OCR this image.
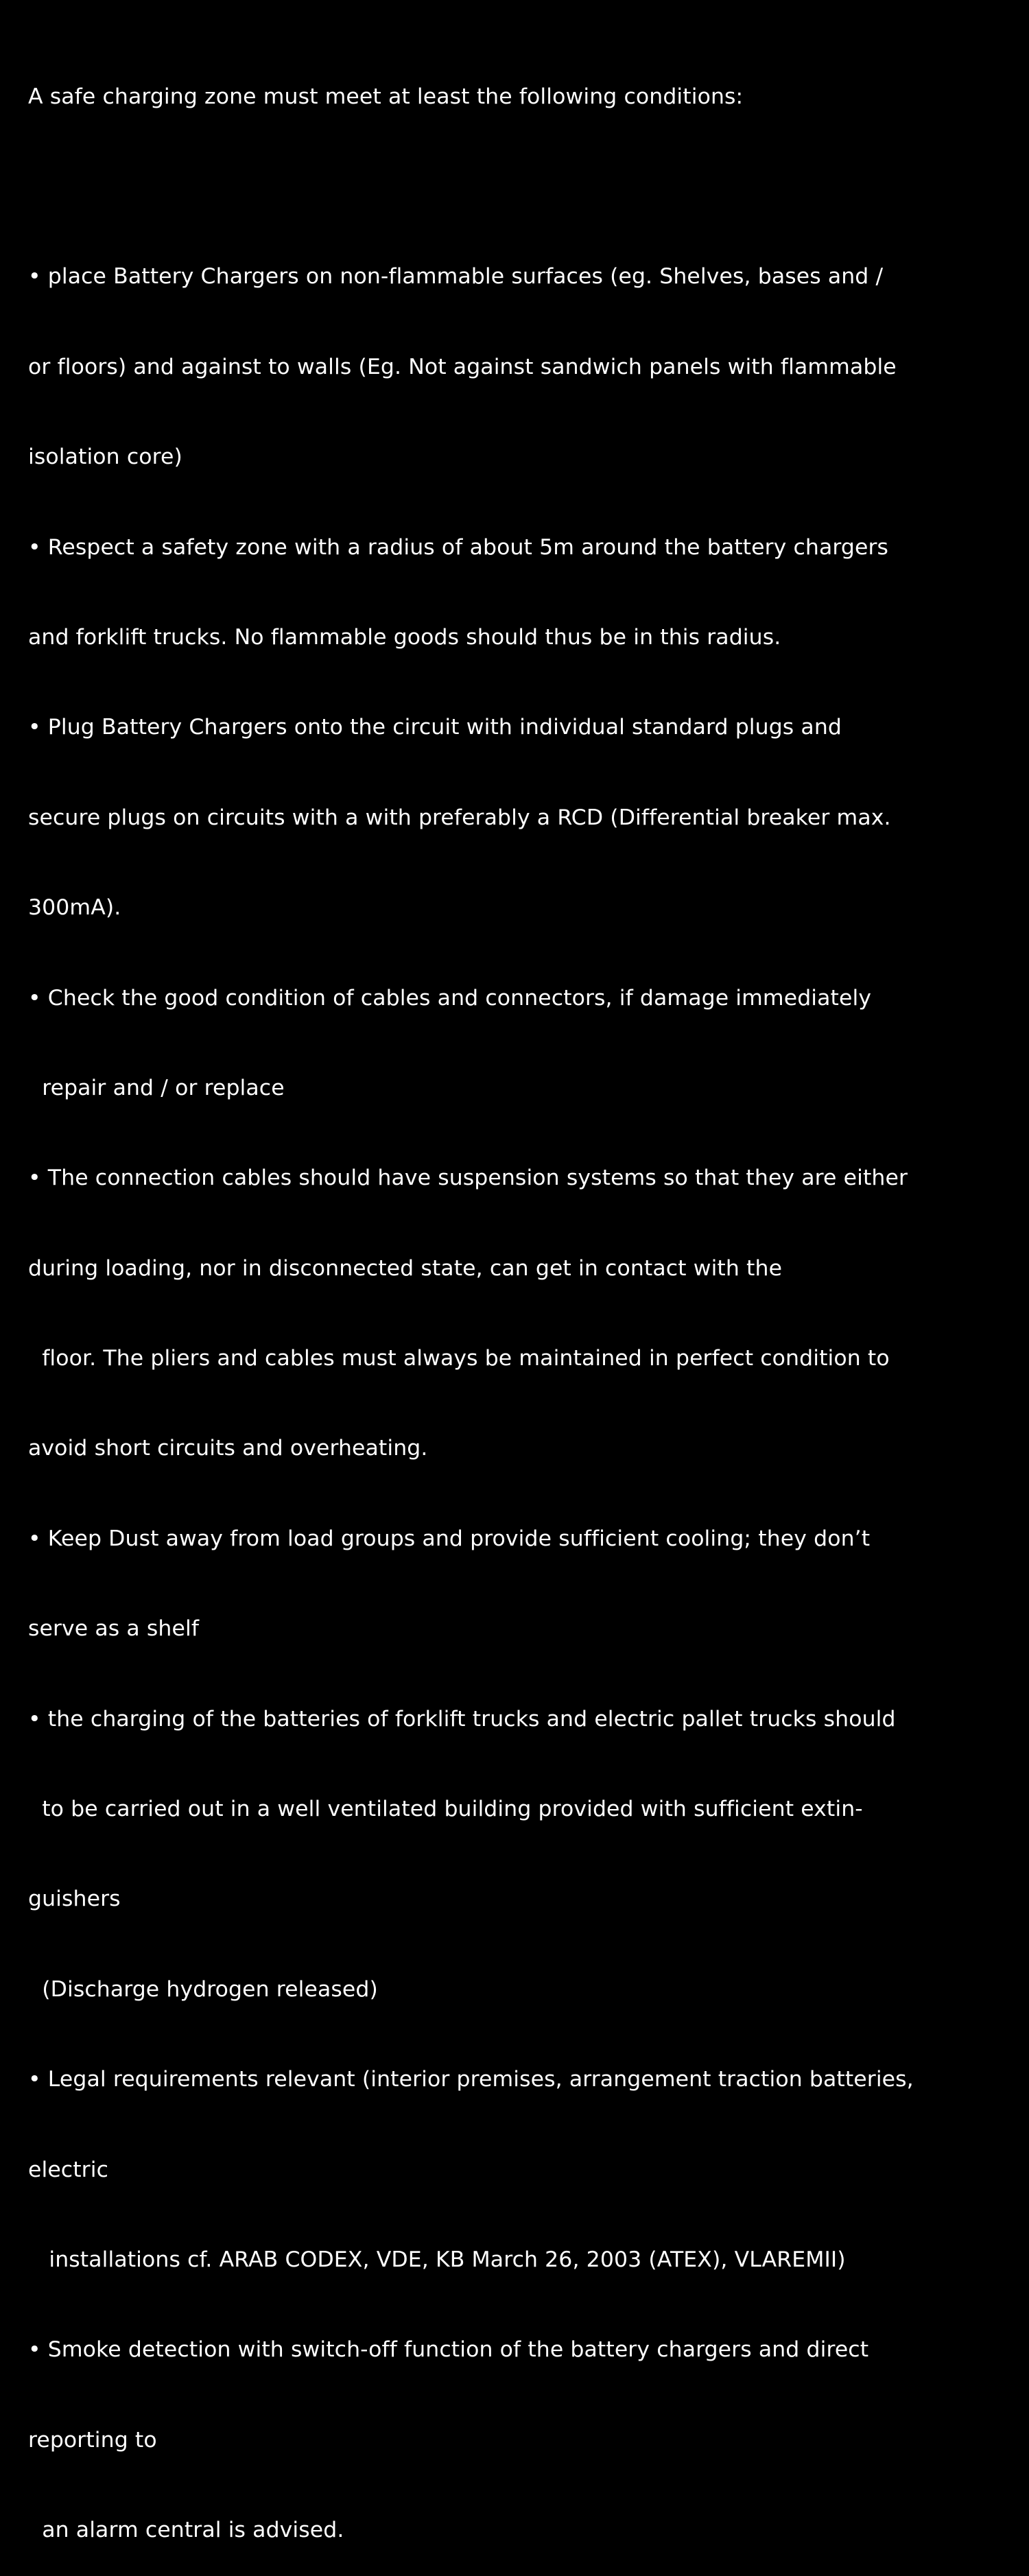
A safe charging zone must meet at least the following conditions:

• place Battery Chargers on non-flammable surfaces (eg. Shelves, bases and /

or floors) and against to walls (Eg. Not against sandwich panels with flammable

isolation core)

• Respect a safety zone with a radius of about 5m around the battery chargers

and forklift trucks. No flammable goods should thus be in this radius.

• Plug Battery Chargers onto the circuit with individual standard plugs and

secure plugs on circuits with a with preferably a RCD (Differential breaker max.

300mA).

• Check the good condition of cables and connectors, if damage immediately

repair and / or replace

• The connection cables should have suspension systems so that they are either

during loading, nor in disconnected state, can get in contact with the

floor. The pliers and cables must always be maintained in perfect condition to

avoid short circuits and overheating.

• Keep Dust away from load groups and provide sufficient cooling; they don’t

serve as a shelf

• the charging of the batteries of forklift trucks and electric pallet trucks should

to be carried out in a well ventilated building provided with sufficient extin-

guishers

(Discharge hydrogen released)

• Legal requirements relevant (interior premises, arrangement traction batteries,

electric

installations cf. ARAB CODEX, VDE, KB March 26, 2003 (ATEX), VLAREMII)

• Smoke detection with switch-off function of the battery chargers and direct

reporting to

an alarm central is advised.
